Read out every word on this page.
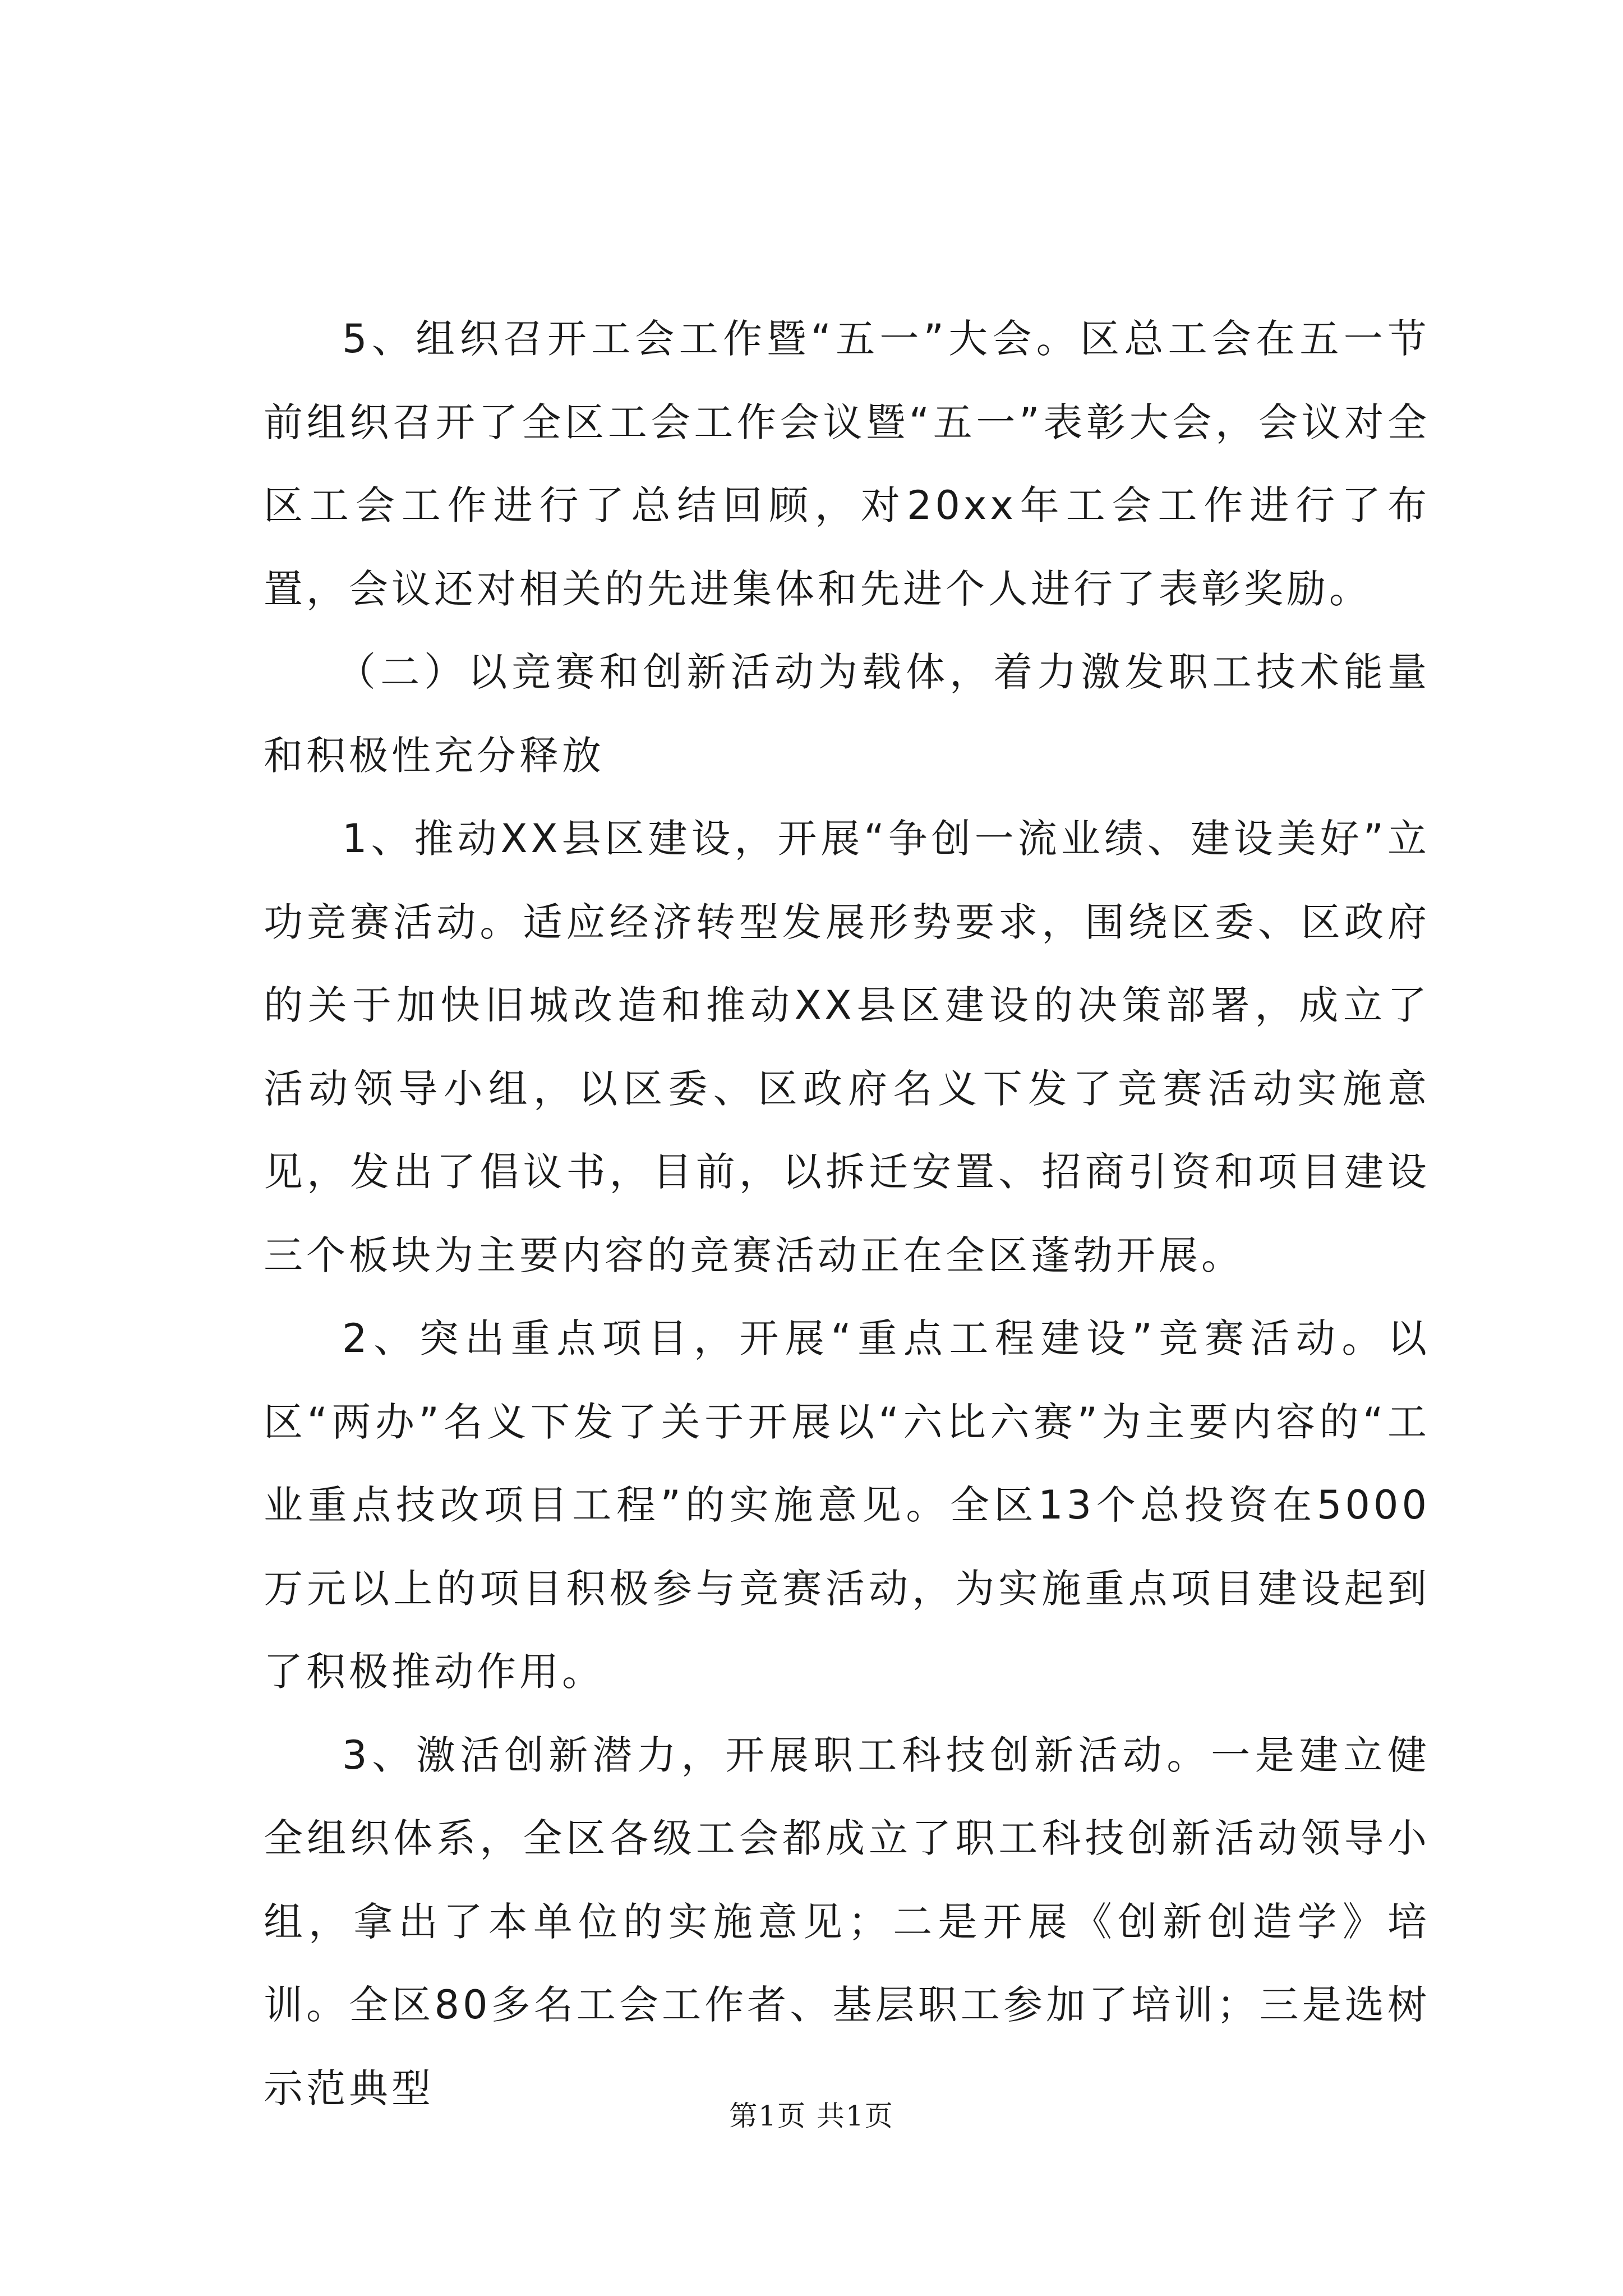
5、组织召开工会工作暨“五一”大会。区总工会在五一节前组织召开了全区工会工作会议暨“五一”表彰大会，会议对全区工会工作进行了总结回顾，对20xx年工会工作进行了布置，会议还对相关的先进集体和先进个人进行了表彰奖励。

（二）以竞赛和创新活动为载体，着力激发职工技术能量和积极性充分释放

1、推动XX县区建设，开展“争创一流业绩、建设美好”立功竞赛活动。适应经济转型发展形势要求，围绕区委、区政府的关于加快旧城改造和推动XX县区建设的决策部署，成立了活动领导小组，以区委、区政府名义下发了竞赛活动实施意见，发出了倡议书，目前，以拆迁安置、招商引资和项目建设三个板块为主要内容的竞赛活动正在全区蓬勃开展。

2、突出重点项目，开展“重点工程建设”竞赛活动。以区“两办”名义下发了关于开展以“六比六赛”为主要内容的“工业重点技改项目工程”的实施意见。全区13个总投资在5000万元以上的项目积极参与竞赛活动，为实施重点项目建设起到了积极推动作用。

3、激活创新潜力，开展职工科技创新活动。一是建立健全组织体系，全区各级工会都成立了职工科技创新活动领导小组，拿出了本单位的实施意见；二是开展《创新创造学》培训。全区80多名工会工作者、基层职工参加了培训；三是选树示范典型

第1页 共1页
